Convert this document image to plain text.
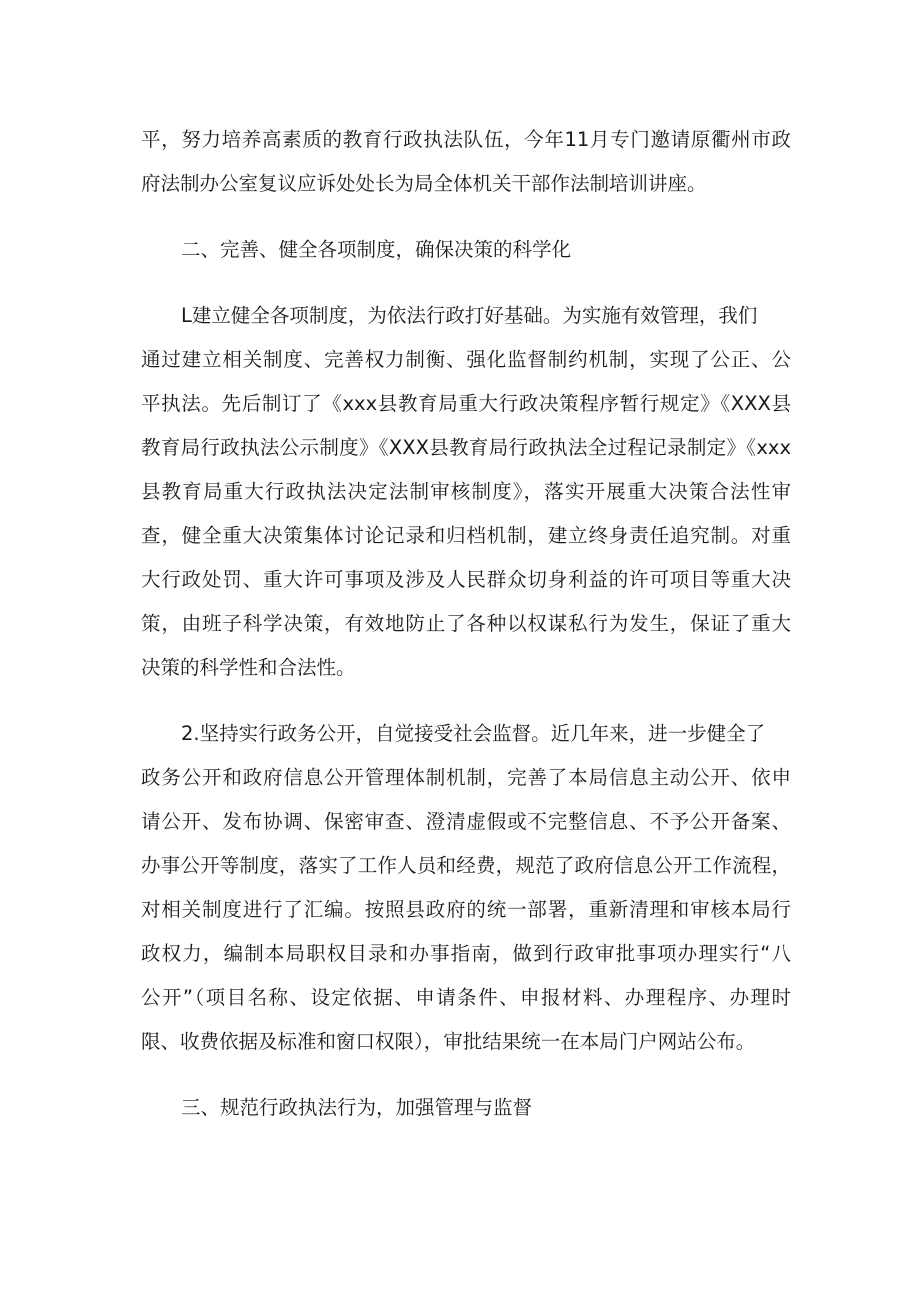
平，努力培养高素质的教育行政执法队伍，今年11月专门邀请原衢州市政
府法制办公室复议应诉处处长为局全体机关干部作法制培训讲座。
二、完善、健全各项制度，确保决策的科学化
L建立健全各项制度，为依法行政打好基础。为实施有效管理，我们
通过建立相关制度、完善权力制衡、强化监督制约机制，实现了公正、公
平执法。先后制订了《xxx县教育局重大行政决策程序暂行规定》《XXX县
教育局行政执法公示制度》《XXX县教育局行政执法全过程记录制定》《xxx
县教育局重大行政执法决定法制审核制度》，落实开展重大决策合法性审
查，健全重大决策集体讨论记录和归档机制，建立终身责任追究制。对重
大行政处罚、重大许可事项及涉及人民群众切身利益的许可项目等重大决
策，由班子科学决策，有效地防止了各种以权谋私行为发生，保证了重大
决策的科学性和合法性。
2.坚持实行政务公开，自觉接受社会监督。近几年来，进一步健全了
政务公开和政府信息公开管理体制机制，完善了本局信息主动公开、依申
请公开、发布协调、保密审查、澄清虚假或不完整信息、不予公开备案、
办事公开等制度，落实了工作人员和经费，规范了政府信息公开工作流程，
对相关制度进行了汇编。按照县政府的统一部署，重新清理和审核本局行
政权力，编制本局职权目录和办事指南，做到行政审批事项办理实行“八
公开”（项目名称、设定依据、申请条件、申报材料、办理程序、办理时
限、收费依据及标准和窗口权限），审批结果统一在本局门户网站公布。
三、规范行政执法行为，加强管理与监督
